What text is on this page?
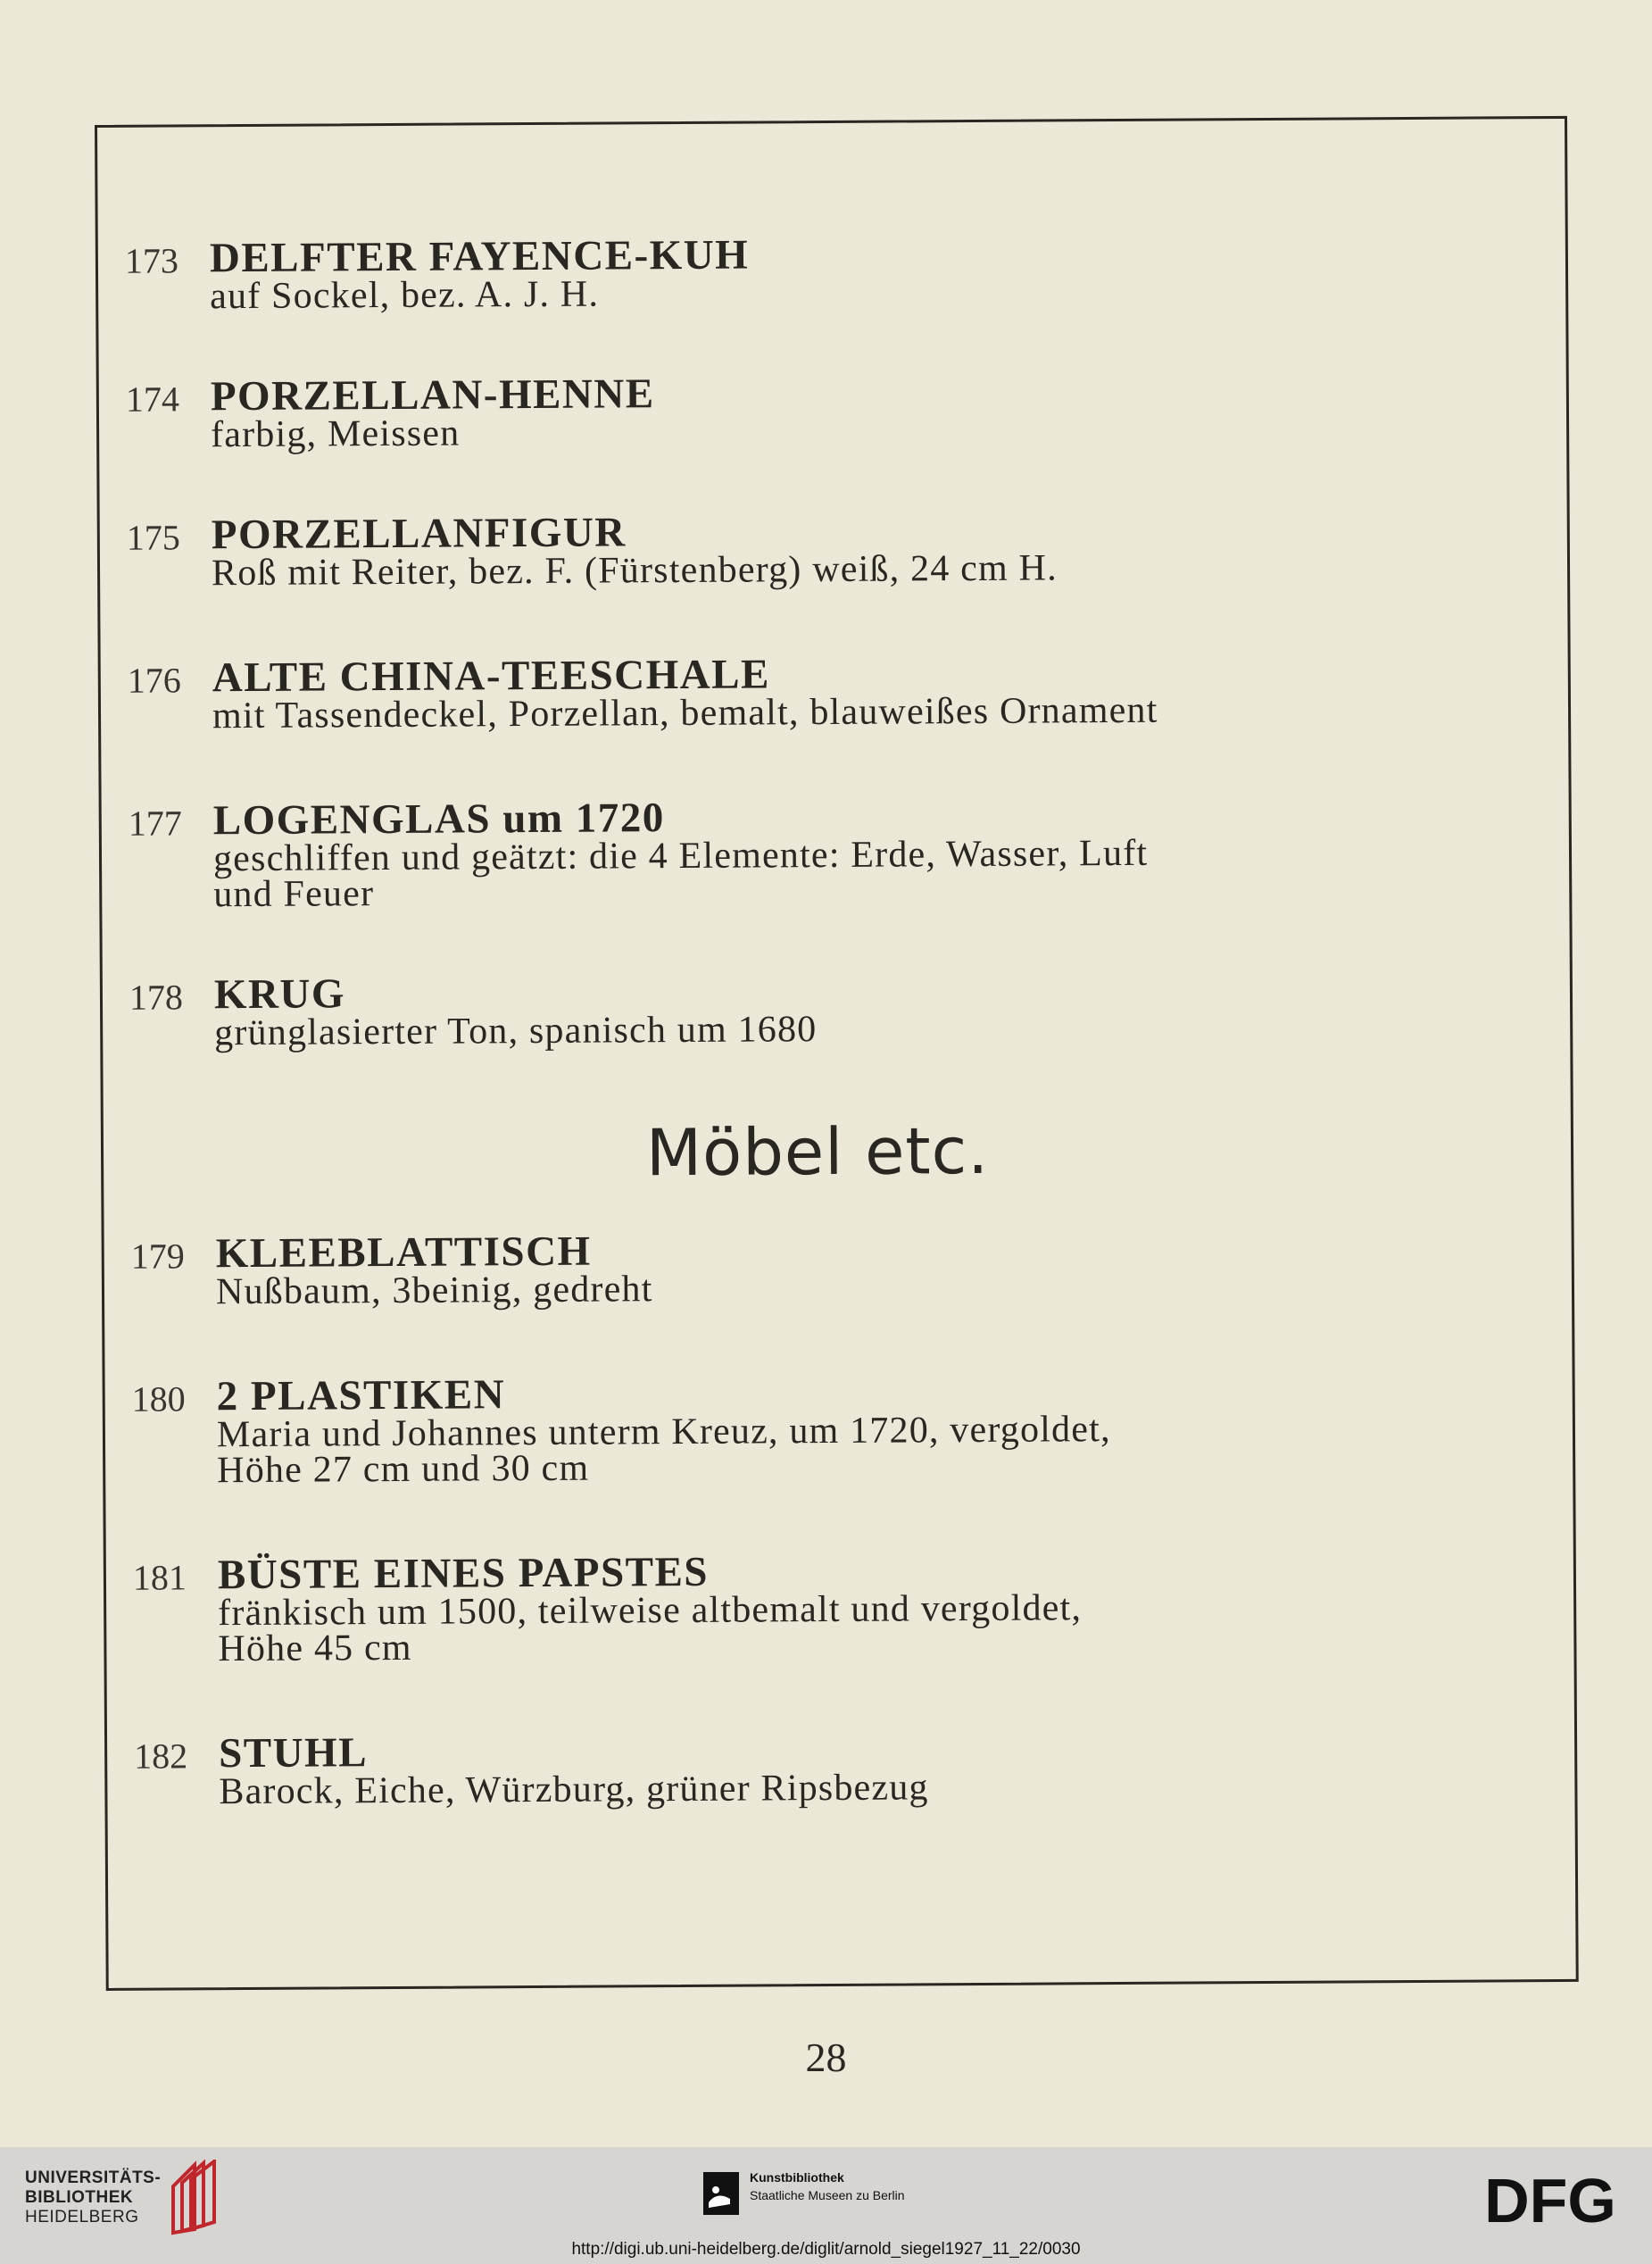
173 DELFTER FAYENCE-KUH
auf Sockel, bez. A. J. H.
174 PORZELLAN-HENNE
farbig, Meissen
175 PORZELLANFIGUR
Roß mit Reiter, bez. F. (Fürstenberg) weiß, 24 cm H.
176 ALTE CHINA-TEESCHALE
mit Tassendeckel, Porzellan, bemalt, blauweißes Ornament
177 LOGENGLAS um 1720
geschliffen und geätzt: die 4 Elemente: Erde, Wasser, Luft
und Feuer
178 KRUG
grünglasierter Ton, spanisch um 1680
Möbel etc.
179 KLEEBLATTISCH
Nußbaum, 3beinig, gedreht
180 2 PLASTIKEN
Maria und Johannes unterm Kreuz, um 1720, vergoldet,
Höhe 27 cm und 30 cm
181 BÜSTE EINES PAPSTES
fränkisch um 1500, teilweise altbemalt und vergoldet,
Höhe 45 cm
182 STUHL
Barock, Eiche, Würzburg, grüner Ripsbezug
28
UNIVERSITÄTS-
BIBLIOTHEK
HEIDELBERG
Kunstbibliothek
Staatliche Museen zu Berlin	DFG
http://digi.ub.uni-heidelberg.de/diglit/arnold_siegel1927_11_22/0030
